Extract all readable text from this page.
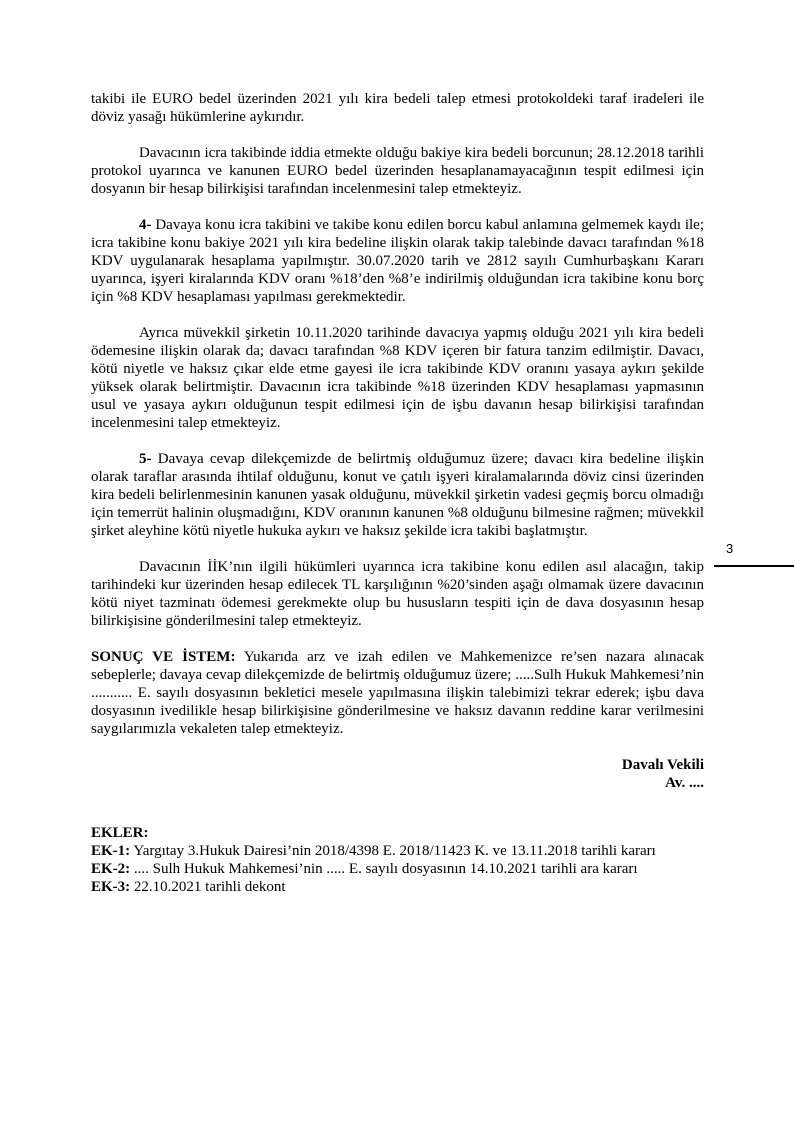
takibi ile EURO bedel üzerinden 2021 yılı kira bedeli talep etmesi protokoldeki taraf iradeleri ile döviz yasağı hükümlerine aykırıdır.

Davacının icra takibinde iddia etmekte olduğu bakiye kira bedeli borcunun; 28.12.2018 tarihli protokol uyarınca ve kanunen EURO bedel üzerinden hesaplanamayacağının tespit edilmesi için dosyanın bir hesap bilirkişisi tarafından incelenmesini talep etmekteyiz.

4- Davaya konu icra takibini ve takibe konu edilen borcu kabul anlamına gelmemek kaydı ile; icra takibine konu bakiye 2021 yılı kira bedeline ilişkin olarak takip talebinde davacı tarafından %18 KDV uygulanarak hesaplama yapılmıştır. 30.07.2020 tarih ve 2812 sayılı Cumhurbaşkanı Kararı uyarınca, işyeri kiralarında KDV oranı %18’den %8’e indirilmiş olduğundan icra takibine konu borç için %8 KDV hesaplaması yapılması gerekmektedir.

Ayrıca müvekkil şirketin 10.11.2020 tarihinde davacıya yapmış olduğu 2021 yılı kira bedeli ödemesine ilişkin olarak da; davacı tarafından %8 KDV içeren bir fatura tanzim edilmiştir. Davacı, kötü niyetle ve haksız çıkar elde etme gayesi ile icra takibinde KDV oranını yasaya aykırı şekilde yüksek olarak belirtmiştir. Davacının icra takibinde %18 üzerinden KDV hesaplaması yapmasının usul ve yasaya aykırı olduğunun tespit edilmesi için de işbu davanın hesap bilirkişisi tarafından incelenmesini talep etmekteyiz.

5- Davaya cevap dilekçemizde de belirtmiş olduğumuz üzere; davacı kira bedeline ilişkin olarak taraflar arasında ihtilaf olduğunu, konut ve çatılı işyeri kiralamalarında döviz cinsi üzerinden kira bedeli belirlenmesinin kanunen yasak olduğunu, müvekkil şirketin vadesi geçmiş borcu olmadığı için temerrüt halinin oluşmadığını, KDV oranının kanunen %8 olduğunu bilmesine rağmen; müvekkil şirket aleyhine kötü niyetle hukuka aykırı ve haksız şekilde icra takibi başlatmıştır.

Davacının İİK’nın ilgili hükümleri uyarınca icra takibine konu edilen asıl alacağın, takip tarihindeki kur üzerinden hesap edilecek TL karşılığının %20’sinden aşağı olmamak üzere davacının kötü niyet tazminatı ödemesi gerekmekte olup bu hususların tespiti için de dava dosyasının hesap bilirkişisine gönderilmesini talep etmekteyiz.

SONUÇ VE İSTEM: Yukarıda arz ve izah edilen ve Mahkemenizce re’sen nazara alınacak sebeplerle; davaya cevap dilekçemizde de belirtmiş olduğumuz üzere; .....Sulh Hukuk Mahkemesi’nin ........... E. sayılı dosyasının bekletici mesele yapılmasına ilişkin talebimizi tekrar ederek; işbu dava dosyasının ivedilikle hesap bilirkişisine gönderilmesine ve haksız davanın reddine karar verilmesini saygılarımızla vekaleten talep etmekteyiz.

Davalı Vekili

Av. ....

EKLER:

EK-1: Yargıtay 3.Hukuk Dairesi’nin 2018/4398 E. 2018/11423 K. ve 13.11.2018 tarihli kararı

EK-2: .... Sulh Hukuk Mahkemesi’nin ..... E. sayılı dosyasının 14.10.2021 tarihli ara kararı

EK-3: 22.10.2021 tarihli dekont

3
